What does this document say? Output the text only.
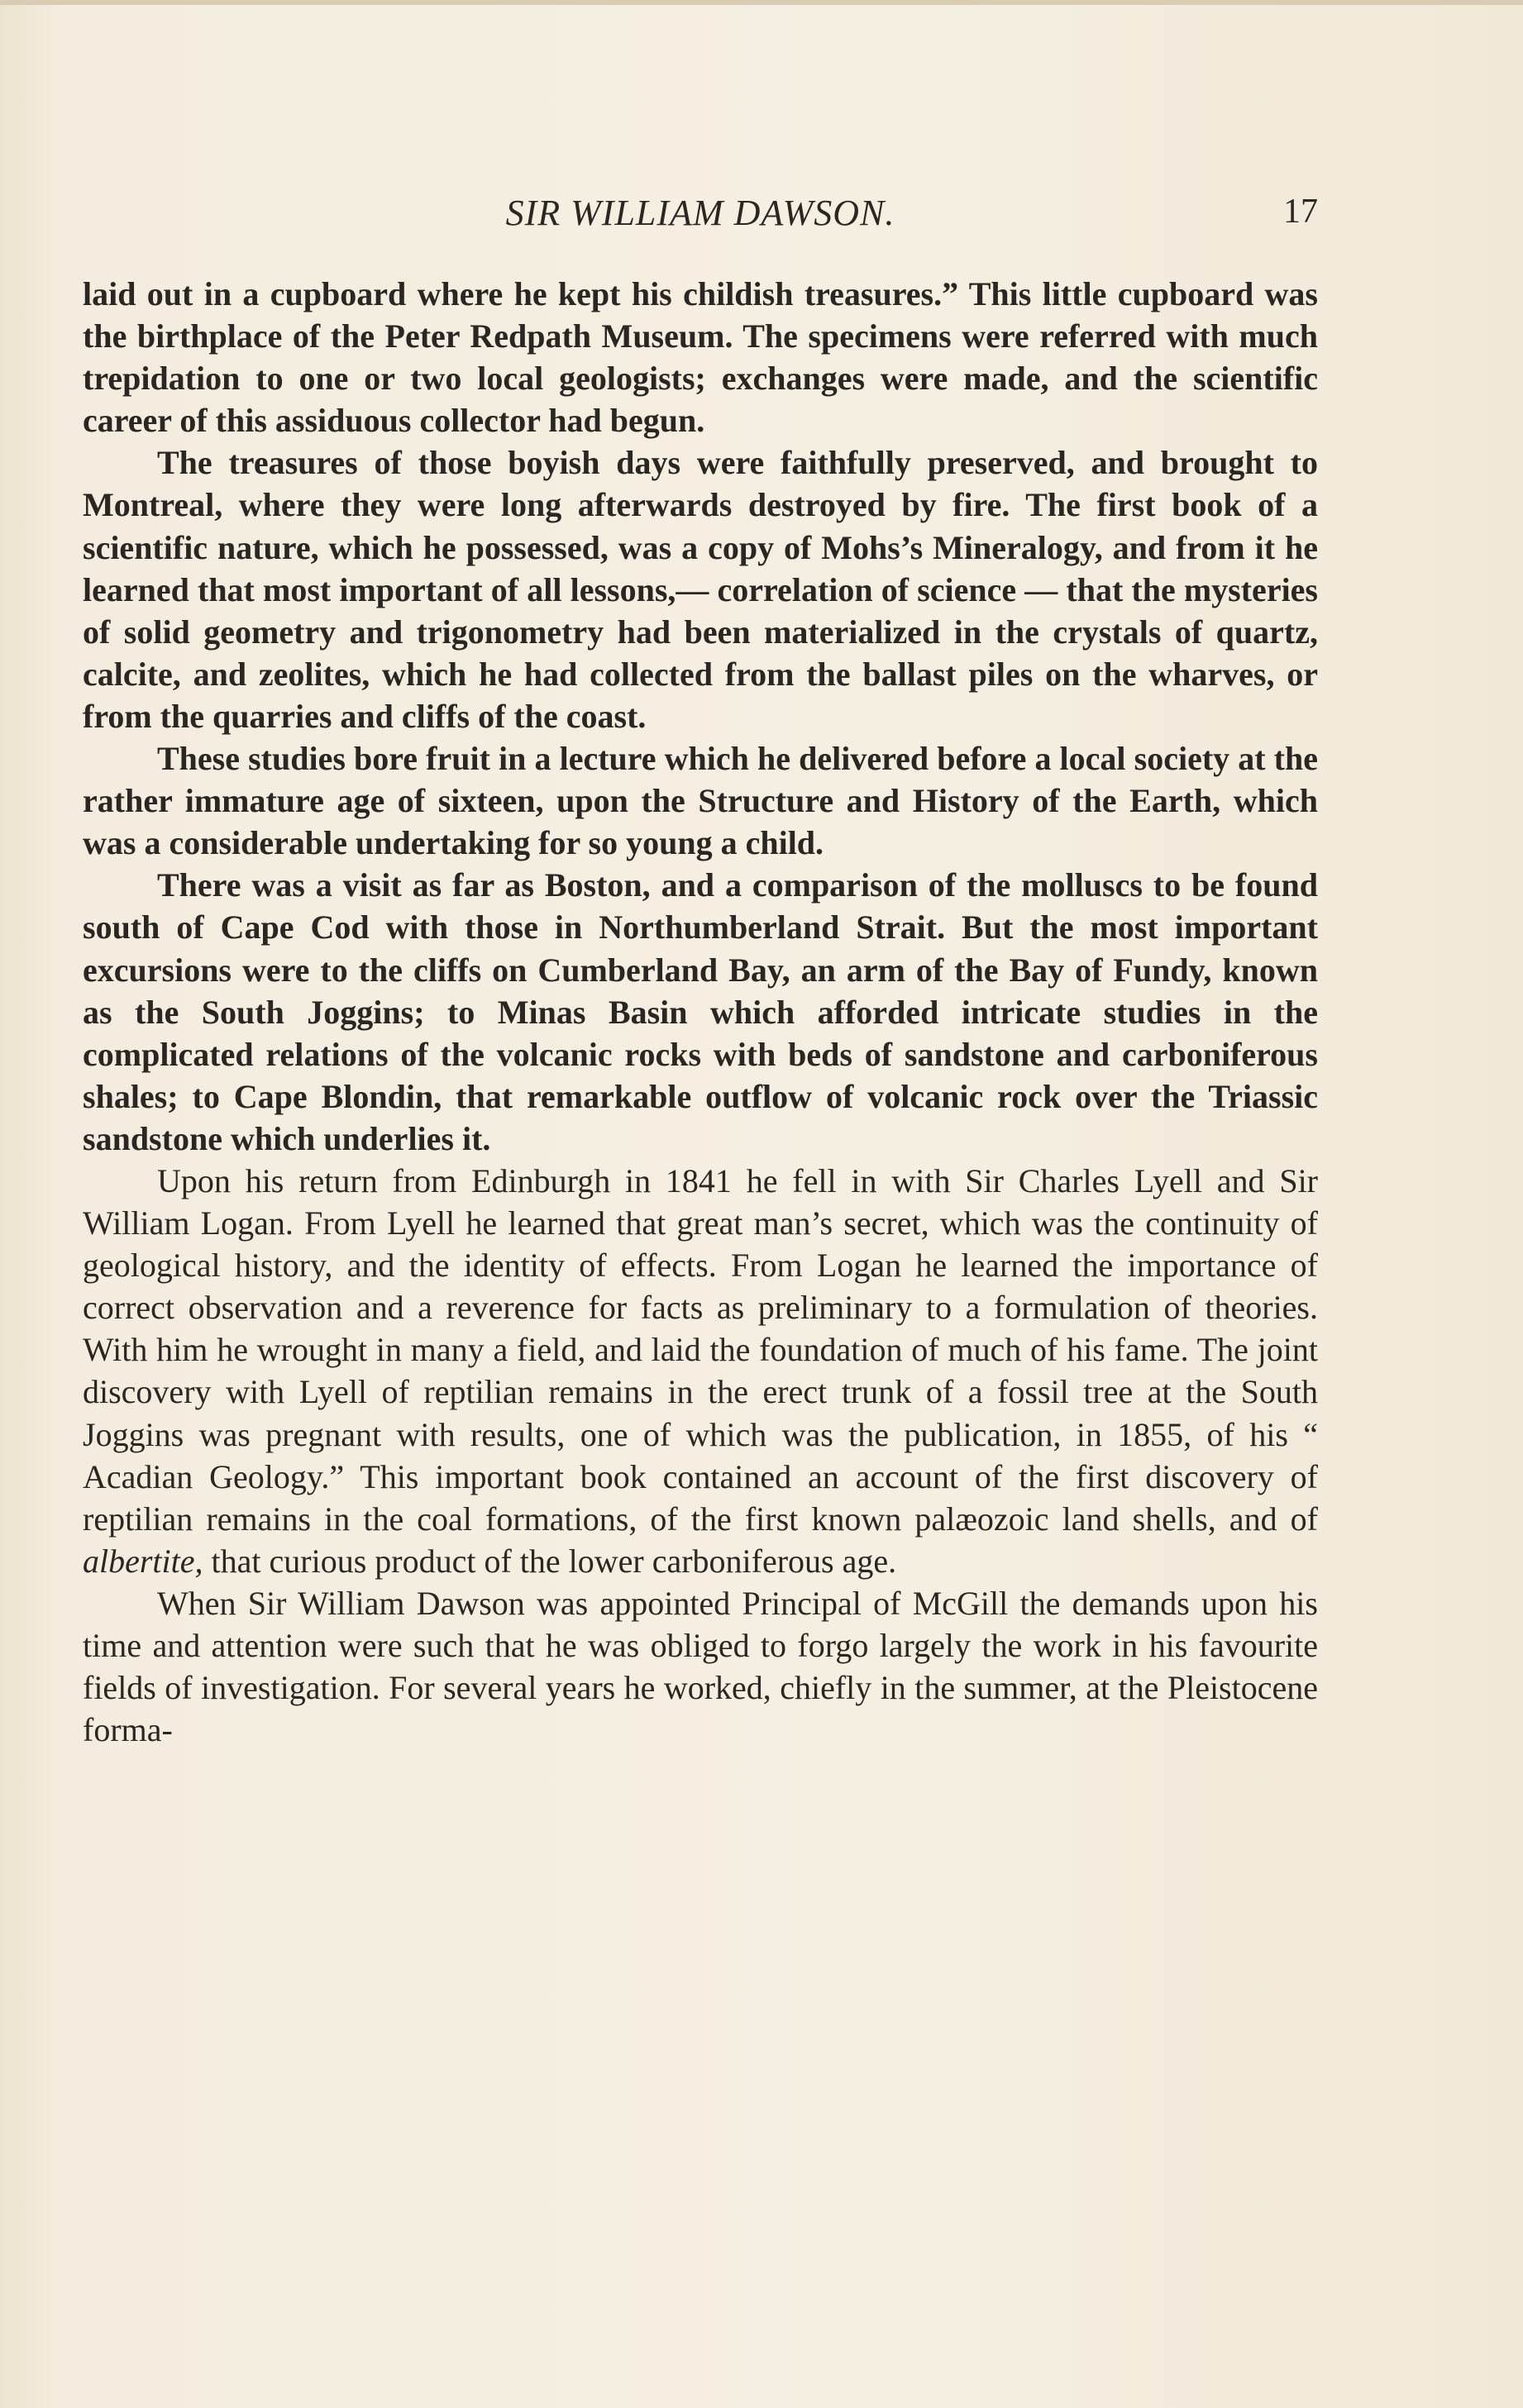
SIR WILLIAM DAWSON.	17

laid out in a cupboard where he kept his childish treasures.” This little cupboard was the birthplace of the Peter Redpath Museum. The specimens were referred with much trepidation to one or two local geologists; exchanges were made, and the scientific career of this assiduous collector had begun.

The treasures of those boyish days were faithfully preserved, and brought to Montreal, where they were long afterwards destroyed by fire. The first book of a scientific nature, which he possessed, was a copy of Mohs’s Mineralogy, and from it he learned that most important of all lessons,— correlation of science — that the mysteries of solid geometry and trigonometry had been materialized in the crystals of quartz, calcite, and zeolites, which he had collected from the ballast piles on the wharves, or from the quarries and cliffs of the coast.

These studies bore fruit in a lecture which he delivered before a local society at the rather immature age of sixteen, upon the Structure and History of the Earth, which was a considerable undertaking for so young a child.

There was a visit as far as Boston, and a comparison of the molluscs to be found south of Cape Cod with those in Northumberland Strait. But the most important excursions were to the cliffs on Cumberland Bay, an arm of the Bay of Fundy, known as the South Joggins; to Minas Basin which afforded intricate studies in the complicated relations of the volcanic rocks with beds of sandstone and carboniferous shales; to Cape Blondin, that remarkable outflow of volcanic rock over the Triassic sandstone which underlies it.

Upon his return from Edinburgh in 1841 he fell in with Sir Charles Lyell and Sir William Logan. From Lyell he learned that great man’s secret, which was the continuity of geological history, and the identity of effects. From Logan he learned the importance of correct observation and a reverence for facts as preliminary to a formulation of theories. With him he wrought in many a field, and laid the foundation of much of his fame. The joint discovery with Lyell of reptilian remains in the erect trunk of a fossil tree at the South Joggins was pregnant with results, one of which was the publication, in 1855, of his “ Acadian Geology.” This important book contained an account of the first discovery of reptilian remains in the coal formations, of the first known palæozoic land shells, and of albertite, that curious product of the lower carboniferous age.

When Sir William Dawson was appointed Principal of McGill the demands upon his time and attention were such that he was obliged to forgo largely the work in his favourite fields of investigation. For several years he worked, chiefly in the summer, at the Pleistocene forma-
